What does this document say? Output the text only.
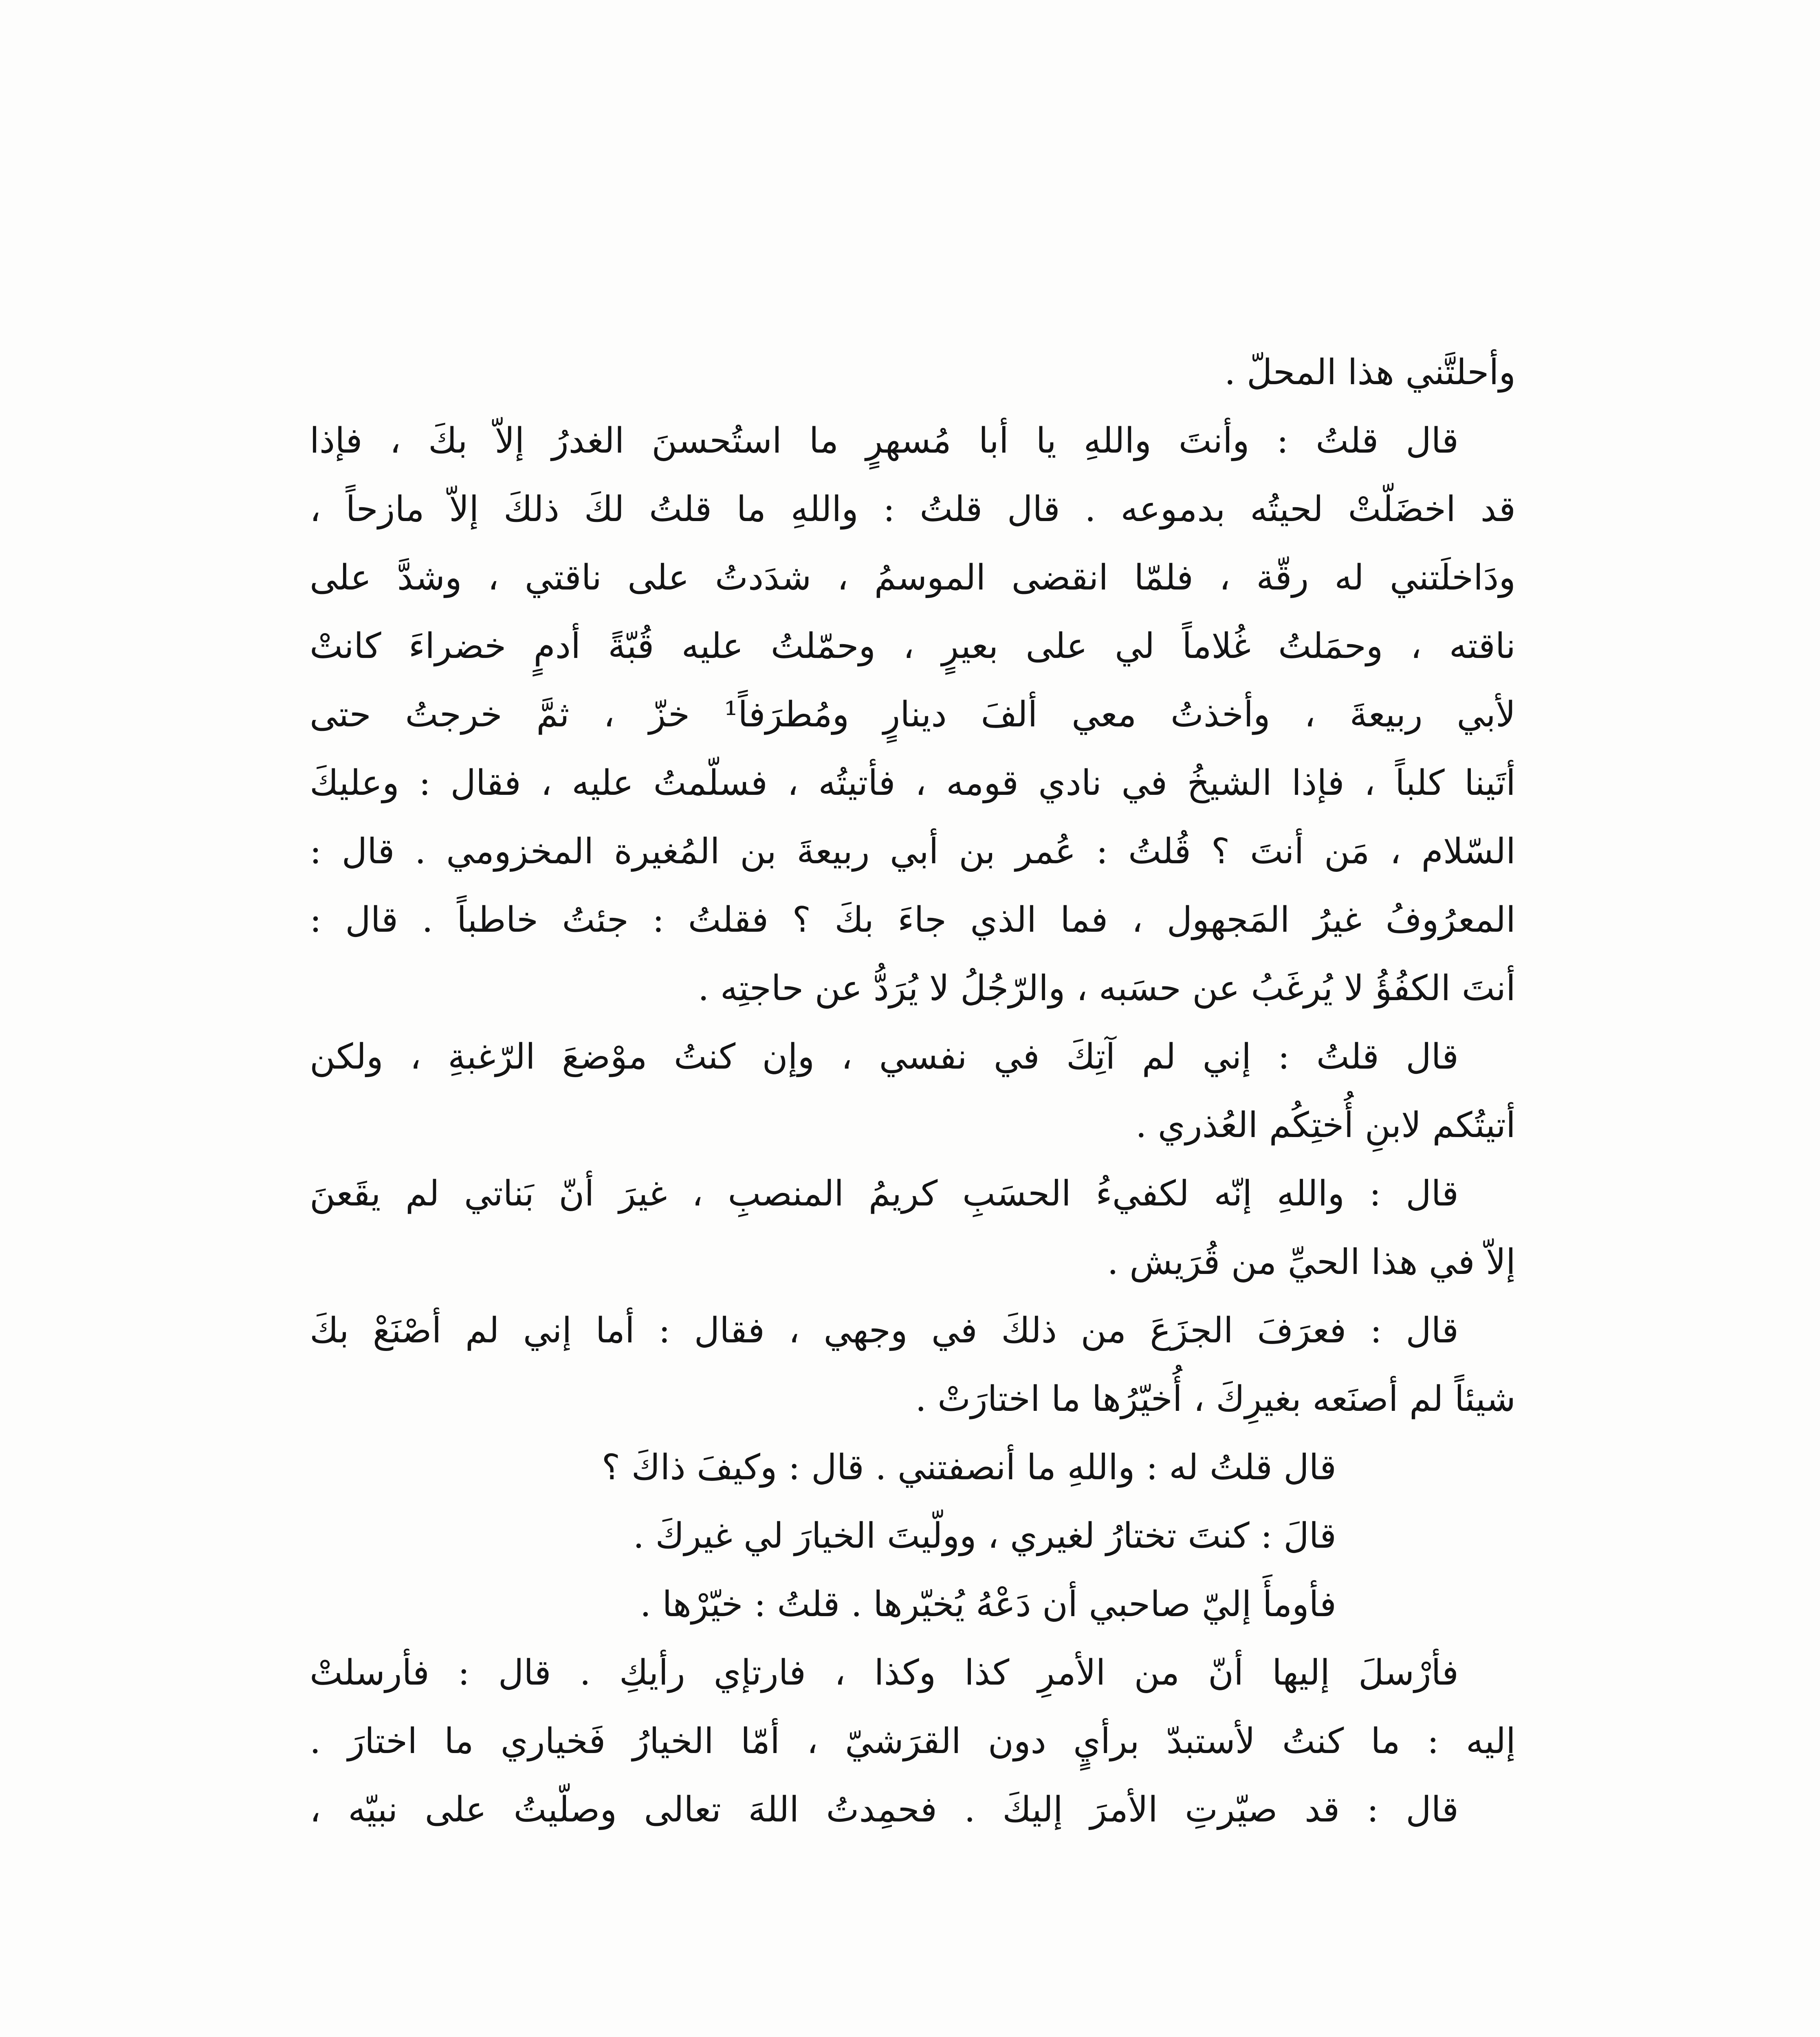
وأحلتَّني هذا المحلّ .
قال قلتُ : وأنتَ واللهِ يا أبا مُسهرٍ ما استُحسنَ الغدرُ إلاّ بكَ ، فإذا
قد اخضَلّتْ لحيتُه بدموعه . قال قلتُ : واللهِ ما قلتُ لكَ ذلكَ إلاّ مازحاً ،
ودَاخلَتني له رقّة ، فلمّا انقضى الموسمُ ، شدَدتُ على ناقتي ، وشدَّ على
ناقته ، وحمَلتُ غُلاماً لي على بعيرٍ ، وحمّلتُ عليه قُبّةً أدمٍ خضراءَ كانتْ
لأبي ربيعةَ ، وأخذتُ معي ألفَ دينارٍ ومُطرَفاً¹ خزّ ، ثمَّ خرجتُ حتى
أتَينا كلباً ، فإذا الشيخُ في نادي قومه ، فأتيتُه ، فسلّمتُ عليه ، فقال : وعليكَ
السّلام ، مَن أنتَ ؟ قُلتُ : عُمر بن أبي ربيعةَ بن المُغيرة المخزومي . قال :
المعرُوفُ غيرُ المَجهول ، فما الذي جاءَ بكَ ؟ فقلتُ : جئتُ خاطباً . قال :
أنتَ الكفُؤُ لا يُرغَبُ عن حسَبه ، والرّجُلُ لا يُرَدُّ عن حاجتِه .
قال قلتُ : إني لم آتِكَ في نفسي ، وإن كنتُ موْضعَ الرّغبةِ ، ولكن
أتيتُكم لابنِ أُختِكُم العُذري .
قال : واللهِ إنّه لكفيءُ الحسَبِ كريمُ المنصبِ ، غيرَ أنّ بَناتي لم يقَعنَ
إلاّ في هذا الحيِّ من قُرَيش .
قال : فعرَفَ الجزَعَ من ذلكَ في وجهي ، فقال : أما إني لم أصْنَعْ بكَ
شيئاً لم أصنَعه بغيرِكَ ، أُخيّرُها ما اختارَتْ .
قال قلتُ له : واللهِ ما أنصفتني . قال : وكيفَ ذاكَ ؟
قالَ : كنتَ تختارُ لغيري ، وولّيتَ الخيارَ لي غيركَ .
فأومأَ إليّ صاحبي أن دَعْهُ يُخيّرها . قلتُ : خيّرْها .
فأرْسلَ إليها أنّ من الأمرِ كذا وكذا ، فارتإي رأيكِ . قال : فأرسلتْ
إليه : ما كنتُ لأستبدّ برأيٍ دون القرَشيّ ، أمّا الخيارُ فَخياري ما اختارَ .
قال : قد صيّرتِ الأمرَ إليكَ . فحمِدتُ اللهَ تعالى وصلّيتُ على نبيّه ،
